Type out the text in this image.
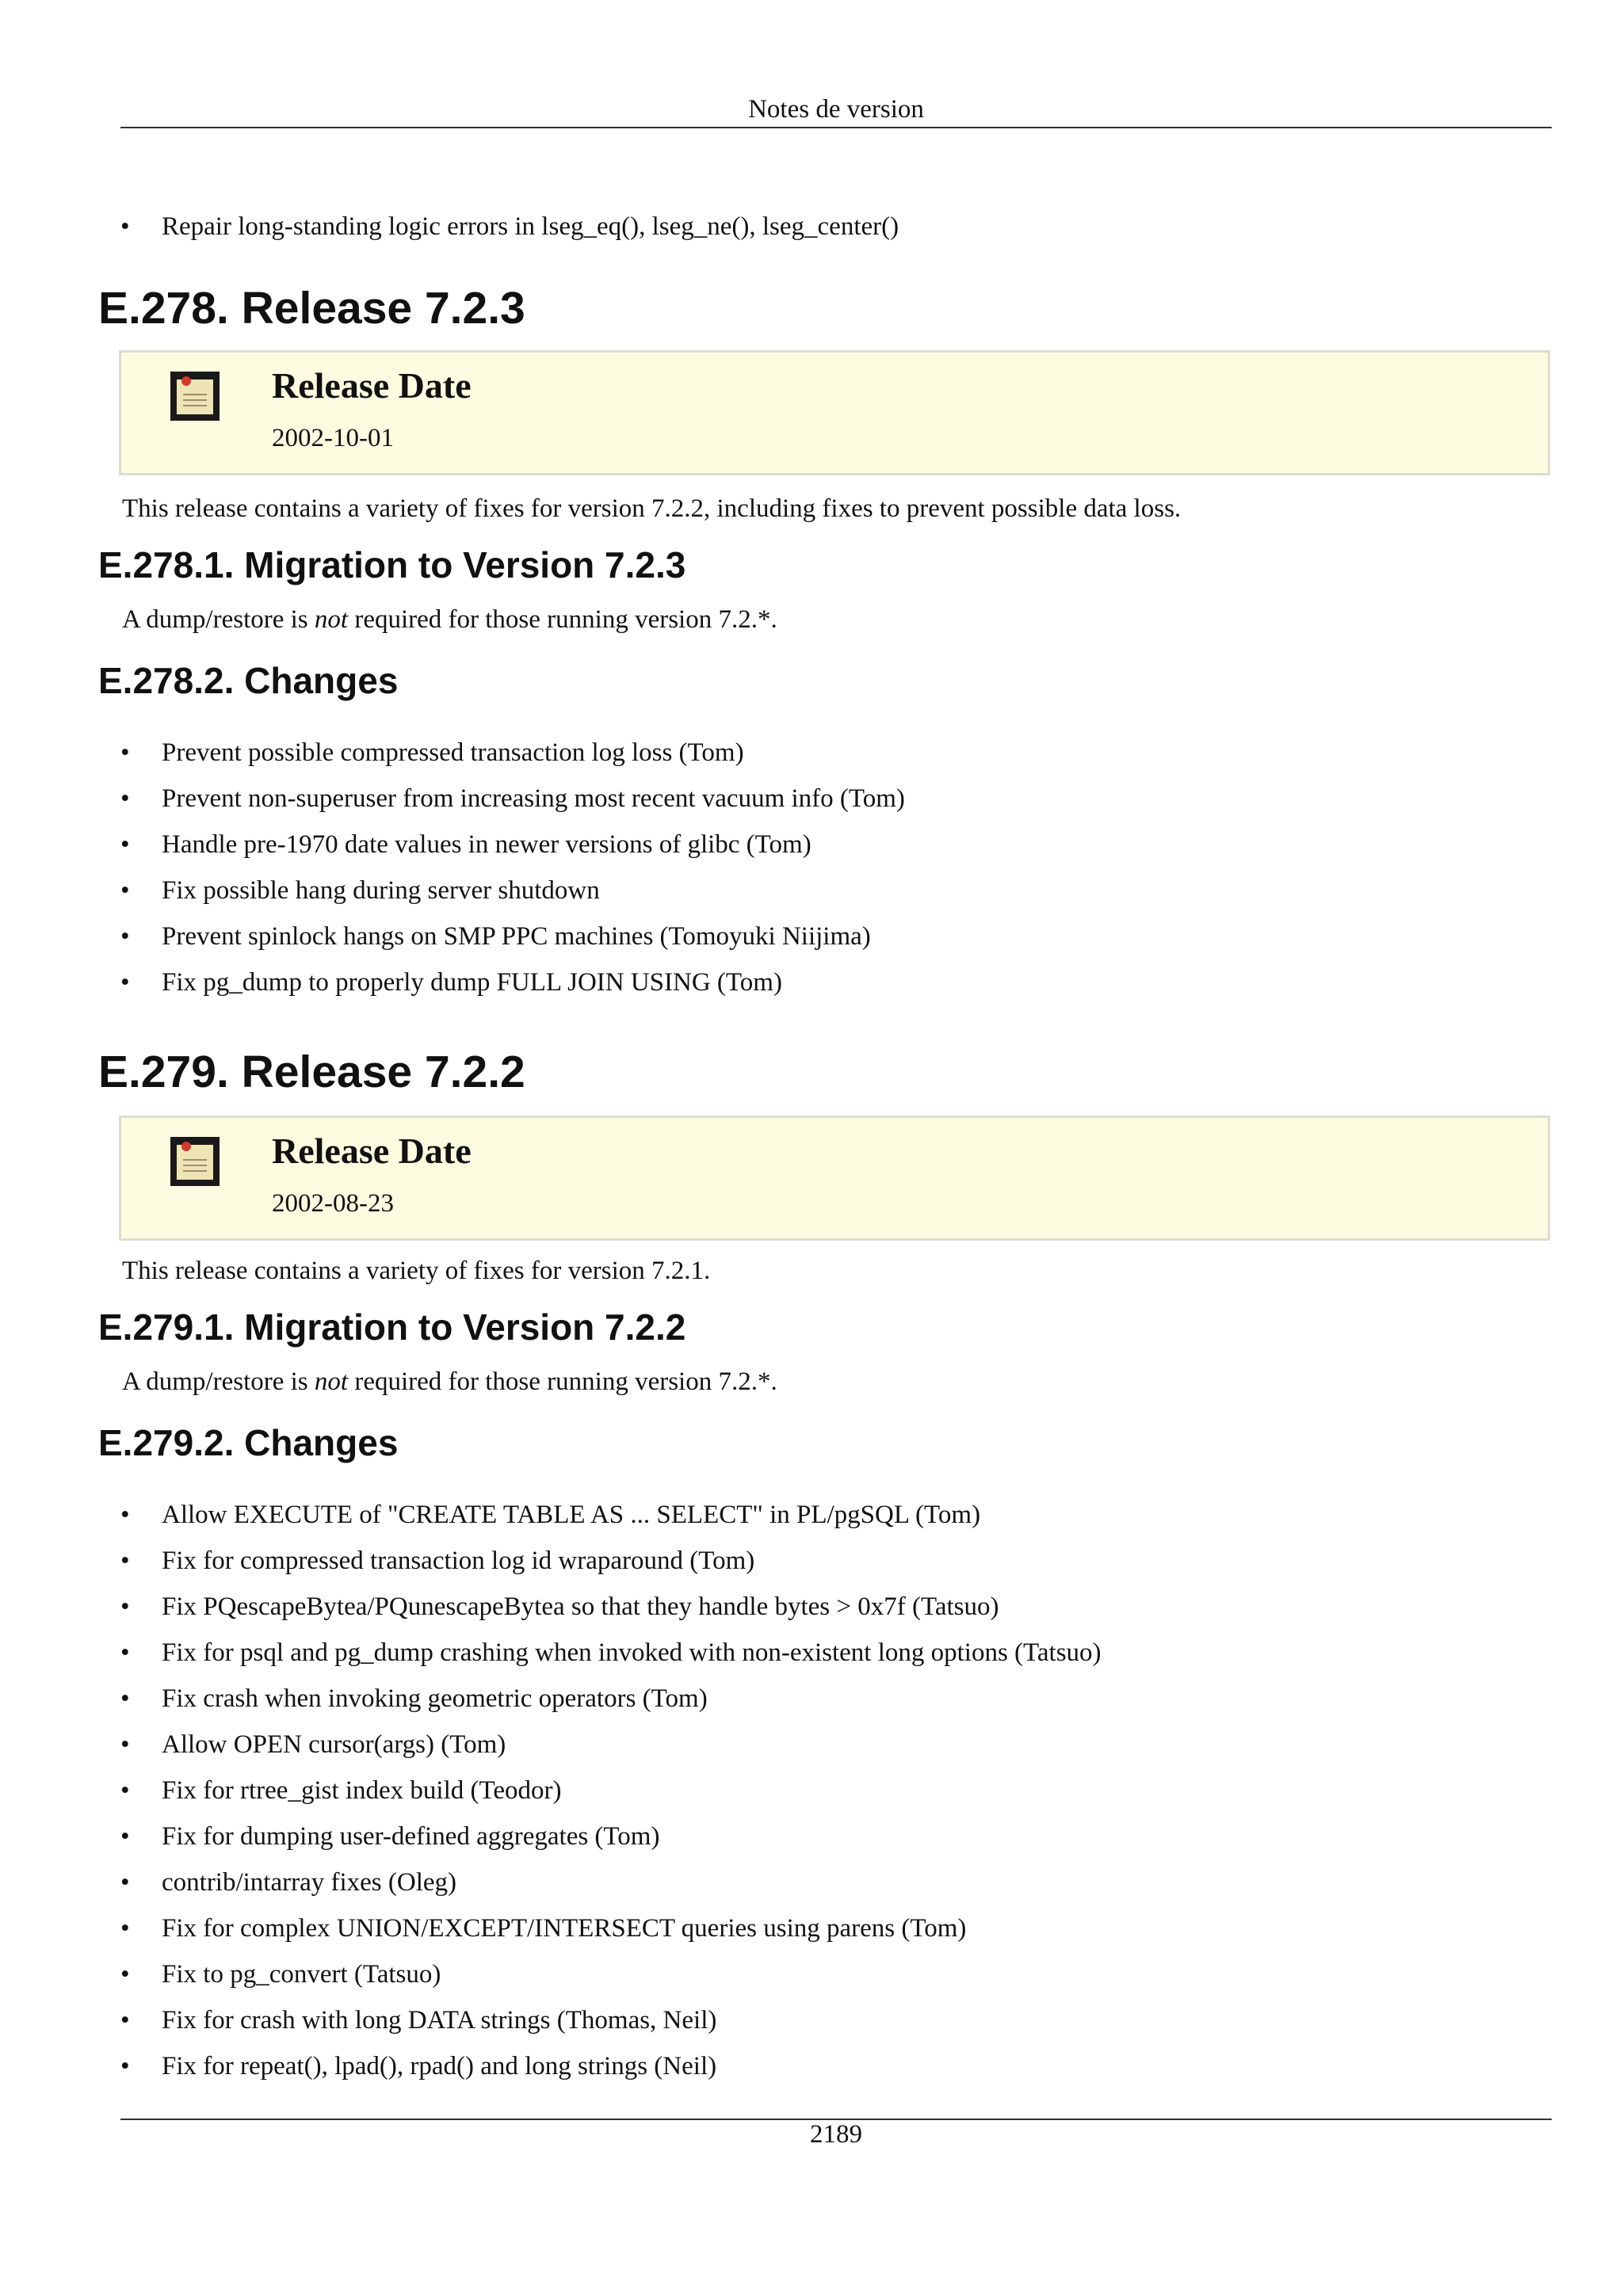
Notes de version
• Repair long-standing logic errors in lseg_eq(), lseg_ne(), lseg_center()
E.278. Release 7.2.3
Release Date
2002-10-01
This release contains a variety of fixes for version 7.2.2, including fixes to prevent possible data loss.
E.278.1. Migration to Version 7.2.3
A dump/restore is not required for those running version 7.2.*.
E.278.2. Changes
• Prevent possible compressed transaction log loss (Tom)
• Prevent non-superuser from increasing most recent vacuum info (Tom)
• Handle pre-1970 date values in newer versions of glibc (Tom)
• Fix possible hang during server shutdown
• Prevent spinlock hangs on SMP PPC machines (Tomoyuki Niijima)
• Fix pg_dump to properly dump FULL JOIN USING (Tom)
E.279. Release 7.2.2
Release Date
2002-08-23
This release contains a variety of fixes for version 7.2.1.
E.279.1. Migration to Version 7.2.2
A dump/restore is not required for those running version 7.2.*.
E.279.2. Changes
• Allow EXECUTE of "CREATE TABLE AS ... SELECT" in PL/pgSQL (Tom)
• Fix for compressed transaction log id wraparound (Tom)
• Fix PQescapeBytea/PQunescapeBytea so that they handle bytes > 0x7f (Tatsuo)
• Fix for psql and pg_dump crashing when invoked with non-existent long options (Tatsuo)
• Fix crash when invoking geometric operators (Tom)
• Allow OPEN cursor(args) (Tom)
• Fix for rtree_gist index build (Teodor)
• Fix for dumping user-defined aggregates (Tom)
• contrib/intarray fixes (Oleg)
• Fix for complex UNION/EXCEPT/INTERSECT queries using parens (Tom)
• Fix to pg_convert (Tatsuo)
• Fix for crash with long DATA strings (Thomas, Neil)
• Fix for repeat(), lpad(), rpad() and long strings (Neil)
2189
